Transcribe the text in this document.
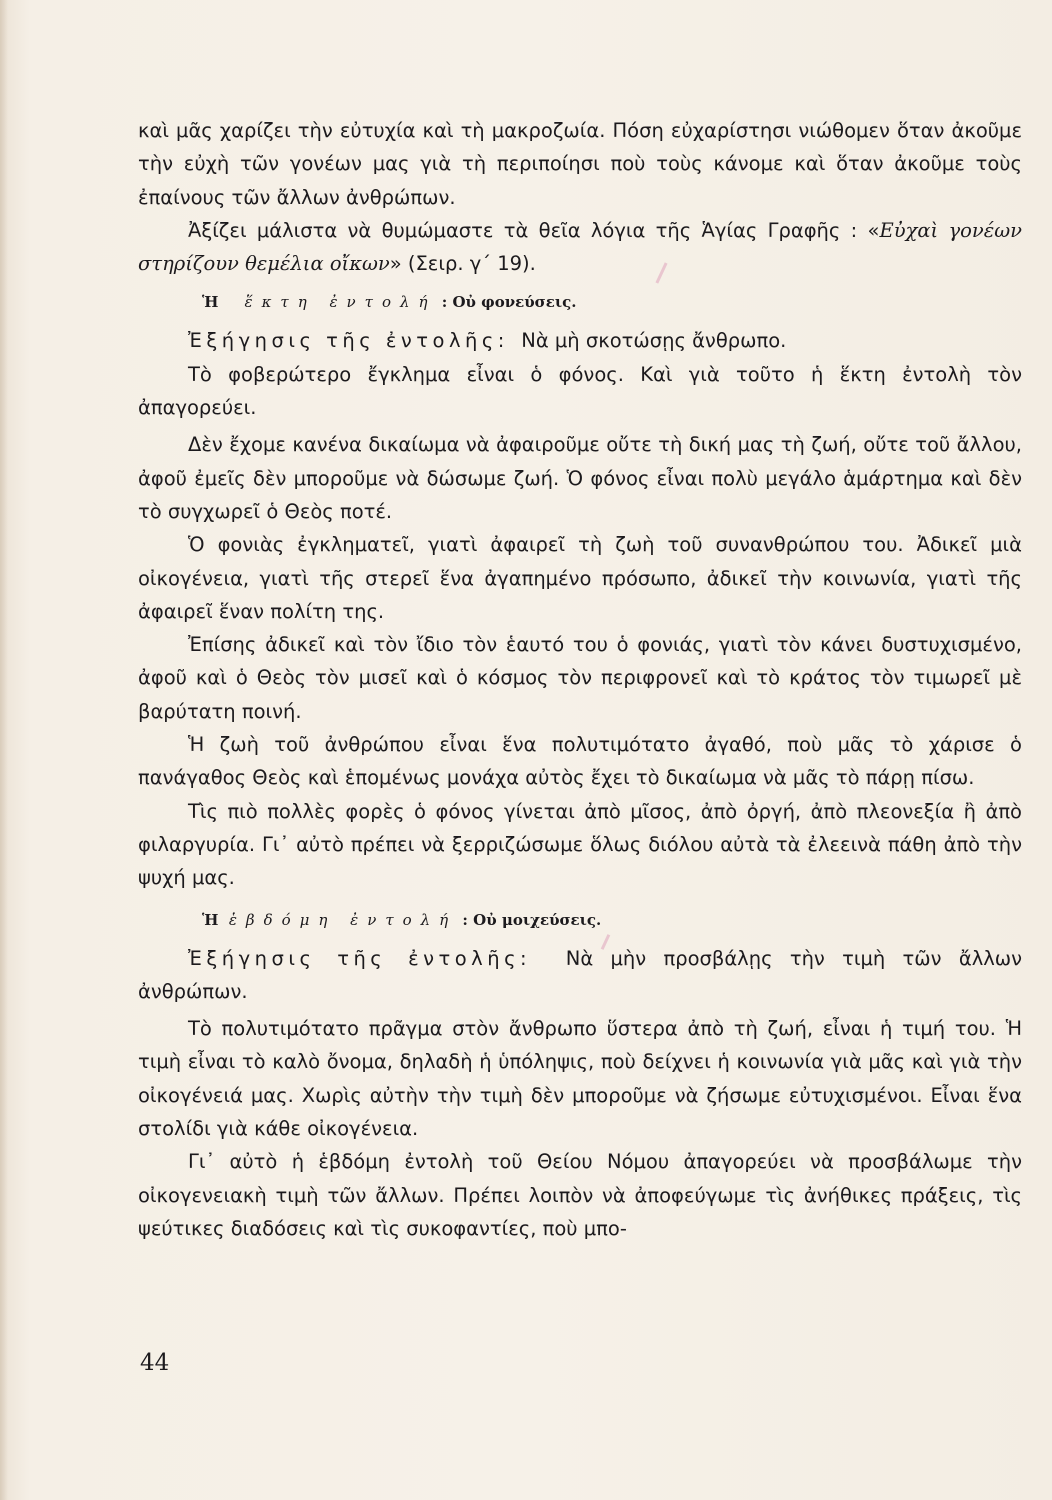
καὶ μᾶς χαρίζει τὴν εὐτυχία καὶ τὴ μακροζωία. Πόση εὐχαρίστησι νιώθομεν ὅταν ἀκοῦμε τὴν εὐχὴ τῶν γονέων μας γιὰ τὴ περιποίησι ποὺ τοὺς κάνομε καὶ ὅταν ἀκοῦμε τοὺς ἐπαίνους τῶν ἄλλων ἀνθρώπων.

Ἀξίζει μάλιστα νὰ θυμώμαστε τὰ θεῖα λόγια τῆς Ἁγίας Γραφῆς : «Εὐχαὶ γονέων στηρίζουν θεμέλια οἴκων» (Σειρ. γ΄ 19).

Ἡ ἕκτη ἐντολή : Οὐ φονεύσεις.

Ἐξήγησις τῆς ἐντολῆς: Νὰ μὴ σκοτώσῃς ἄνθρωπο.

Τὸ φοβερώτερο ἔγκλημα εἶναι ὁ φόνος. Καὶ γιὰ τοῦτο ἡ ἕκτη ἐντολὴ τὸν ἀπαγορεύει.

Δὲν ἔχομε κανένα δικαίωμα νὰ ἀφαιροῦμε οὔτε τὴ δική μας τὴ ζωή, οὔτε τοῦ ἄλλου, ἀφοῦ ἐμεῖς δὲν μποροῦμε νὰ δώσωμε ζωή. Ὁ φόνος εἶναι πολὺ μεγάλο ἁμάρτημα καὶ δὲν τὸ συγχωρεῖ ὁ Θεὸς ποτέ.

Ὁ φονιὰς ἐγκληματεῖ, γιατὶ ἀφαιρεῖ τὴ ζωὴ τοῦ συνανθρώπου του. Ἀδικεῖ μιὰ οἰκογένεια, γιατὶ τῆς στερεῖ ἕνα ἀγαπημένο πρόσωπο, ἀδικεῖ τὴν κοινωνία, γιατὶ τῆς ἀφαιρεῖ ἕναν πολίτη της.

Ἐπίσης ἀδικεῖ καὶ τὸν ἴδιο τὸν ἑαυτό του ὁ φονιάς, γιατὶ τὸν κάνει δυστυχισμένο, ἀφοῦ καὶ ὁ Θεὸς τὸν μισεῖ καὶ ὁ κόσμος τὸν περιφρονεῖ καὶ τὸ κράτος τὸν τιμωρεῖ μὲ βαρύτατη ποινή.

Ἡ ζωὴ τοῦ ἀνθρώπου εἶναι ἕνα πολυτιμότατο ἀγαθό, ποὺ μᾶς τὸ χάρισε ὁ πανάγαθος Θεὸς καὶ ἑπομένως μονάχα αὐτὸς ἔχει τὸ δικαίωμα νὰ μᾶς τὸ πάρῃ πίσω.

Τὶς πιὸ πολλὲς φορὲς ὁ φόνος γίνεται ἀπὸ μῖσος, ἀπὸ ὀργή, ἀπὸ πλεονεξία ἢ ἀπὸ φιλαργυρία. Γι᾿ αὐτὸ πρέπει νὰ ξερριζώσωμε ὅλως διόλου αὐτὰ τὰ ἐλεεινὰ πάθη ἀπὸ τὴν ψυχή μας.

Ἡ ἑβδόμη ἐντολή : Οὐ μοιχεύσεις.

Ἐξήγησις τῆς ἐντολῆς: Νὰ μὴν προσβάλῃς τὴν τιμὴ τῶν ἄλλων ἀνθρώπων.

Τὸ πολυτιμότατο πρᾶγμα στὸν ἄνθρωπο ὕστερα ἀπὸ τὴ ζωή, εἶναι ἡ τιμή του. Ἡ τιμὴ εἶναι τὸ καλὸ ὄνομα, δηλαδὴ ἡ ὑπόληψις, ποὺ δείχνει ἡ κοινωνία γιὰ μᾶς καὶ γιὰ τὴν οἰκογένειά μας. Χωρὶς αὐτὴν τὴν τιμὴ δὲν μποροῦμε νὰ ζήσωμε εὐτυχισμένοι. Εἶναι ἕνα στολίδι γιὰ κάθε οἰκογένεια.

Γι᾿ αὐτὸ ἡ ἑβδόμη ἐντολὴ τοῦ Θείου Νόμου ἀπαγορεύει νὰ προσβάλωμε τὴν οἰκογενειακὴ τιμὴ τῶν ἄλλων. Πρέπει λοιπὸν νὰ ἀποφεύγωμε τὶς ἀνήθικες πράξεις, τὶς ψεύτικες διαδόσεις καὶ τὶς συκοφαντίες, ποὺ μπο-

44
